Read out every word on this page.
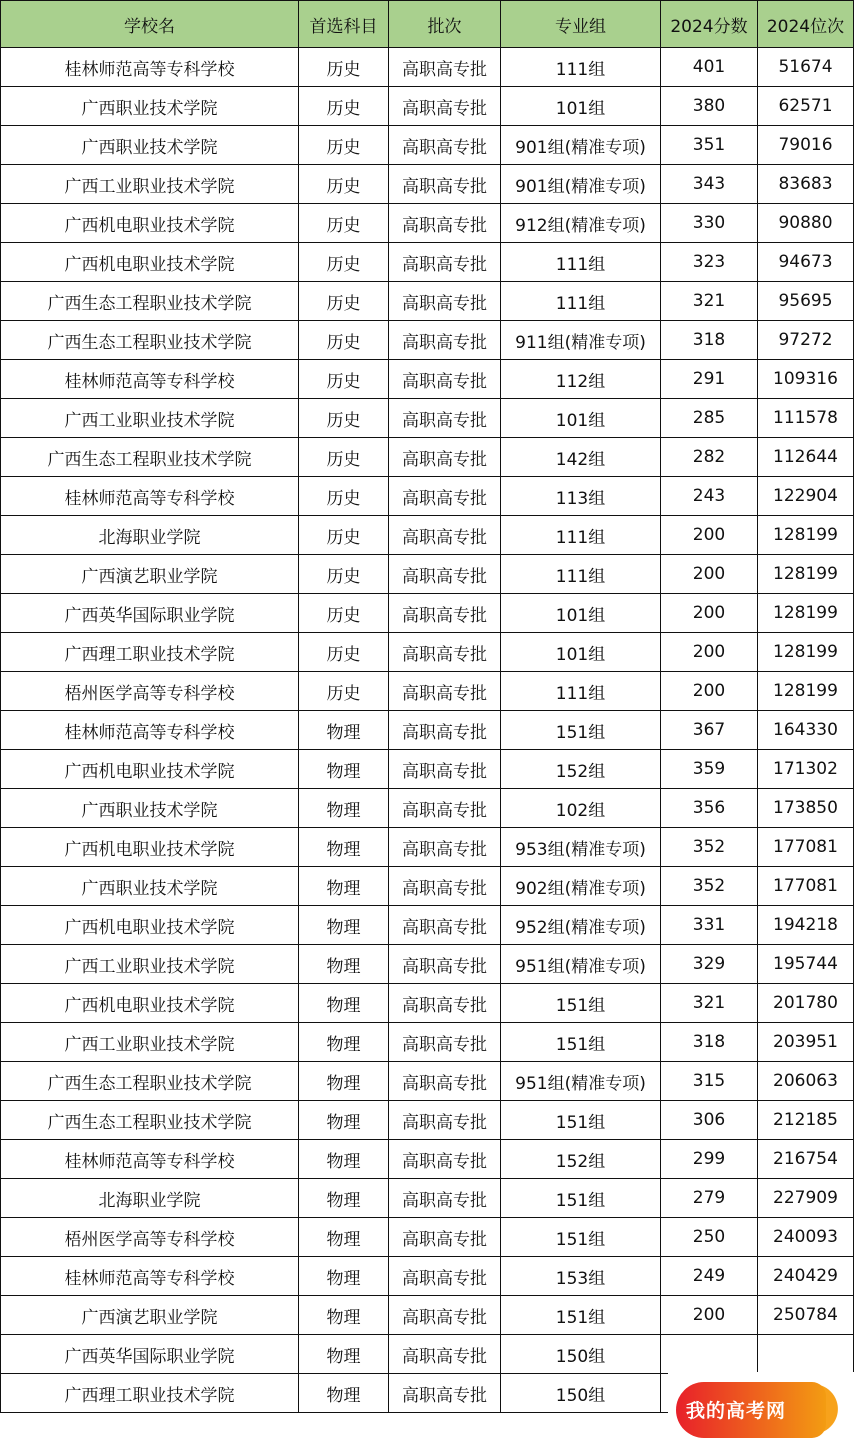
学校名	首选科目	批次	专业组	2024分数	2024位次
桂林师范高等专科学校	历史	高职高专批	111组	401	51674
广西职业技术学院	历史	高职高专批	101组	380	62571
广西职业技术学院	历史	高职高专批	901组(精准专项)	351	79016
广西工业职业技术学院	历史	高职高专批	901组(精准专项)	343	83683
广西机电职业技术学院	历史	高职高专批	912组(精准专项)	330	90880
广西机电职业技术学院	历史	高职高专批	111组	323	94673
广西生态工程职业技术学院	历史	高职高专批	111组	321	95695
广西生态工程职业技术学院	历史	高职高专批	911组(精准专项)	318	97272
桂林师范高等专科学校	历史	高职高专批	112组	291	109316
广西工业职业技术学院	历史	高职高专批	101组	285	111578
广西生态工程职业技术学院	历史	高职高专批	142组	282	112644
桂林师范高等专科学校	历史	高职高专批	113组	243	122904
北海职业学院	历史	高职高专批	111组	200	128199
广西演艺职业学院	历史	高职高专批	111组	200	128199
广西英华国际职业学院	历史	高职高专批	101组	200	128199
广西理工职业技术学院	历史	高职高专批	101组	200	128199
梧州医学高等专科学校	历史	高职高专批	111组	200	128199
桂林师范高等专科学校	物理	高职高专批	151组	367	164330
广西机电职业技术学院	物理	高职高专批	152组	359	171302
广西职业技术学院	物理	高职高专批	102组	356	173850
广西机电职业技术学院	物理	高职高专批	953组(精准专项)	352	177081
广西职业技术学院	物理	高职高专批	902组(精准专项)	352	177081
广西机电职业技术学院	物理	高职高专批	952组(精准专项)	331	194218
广西工业职业技术学院	物理	高职高专批	951组(精准专项)	329	195744
广西机电职业技术学院	物理	高职高专批	151组	321	201780
广西工业职业技术学院	物理	高职高专批	151组	318	203951
广西生态工程职业技术学院	物理	高职高专批	951组(精准专项)	315	206063
广西生态工程职业技术学院	物理	高职高专批	151组	306	212185
桂林师范高等专科学校	物理	高职高专批	152组	299	216754
北海职业学院	物理	高职高专批	151组	279	227909
梧州医学高等专科学校	物理	高职高专批	151组	250	240093
桂林师范高等专科学校	物理	高职高专批	153组	249	240429
广西演艺职业学院	物理	高职高专批	151组	200	250784
广西英华国际职业学院	物理	高职高专批	150组		
广西理工职业技术学院	物理	高职高专批	150组		
我的高考网
